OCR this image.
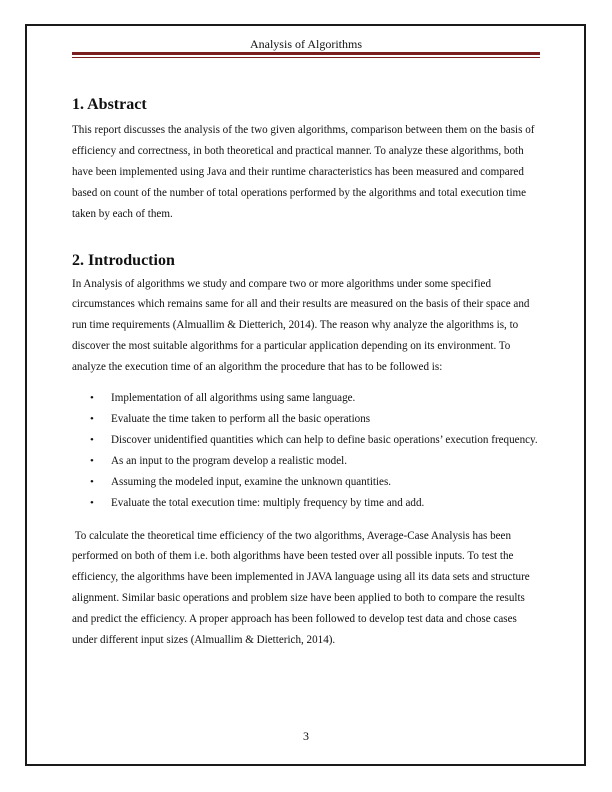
Analysis of Algorithms
1. Abstract

This report discusses the analysis of the two given algorithms, comparison between them on the basis of efficiency and correctness, in both theoretical and practical manner. To analyze these algorithms, both have been implemented using Java and their runtime characteristics has been measured and compared based on count of the number of total operations performed by the algorithms and total execution time taken by each of them.

2. Introduction

In Analysis of algorithms we study and compare two or more algorithms under some specified circumstances which remains same for all and their results are measured on the basis of their space and run time requirements (Almuallim & Dietterich, 2014). The reason why analyze the algorithms is, to discover the most suitable algorithms for a particular application depending on its environment. To analyze the execution time of an algorithm the procedure that has to be followed is:

• Implementation of all algorithms using same language.
• Evaluate the time taken to perform all the basic operations
• Discover unidentified quantities which can help to define basic operations’ execution frequency.
• As an input to the program develop a realistic model.
• Assuming the modeled input, examine the unknown quantities.
• Evaluate the total execution time: multiply frequency by time and add.

To calculate the theoretical time efficiency of the two algorithms, Average-Case Analysis has been performed on both of them i.e. both algorithms have been tested over all possible inputs. To test the efficiency, the algorithms have been implemented in JAVA language using all its data sets and structure alignment. Similar basic operations and problem size have been applied to both to compare the results and predict the efficiency. A proper approach has been followed to develop test data and chose cases under different input sizes (Almuallim & Dietterich, 2014).

3
